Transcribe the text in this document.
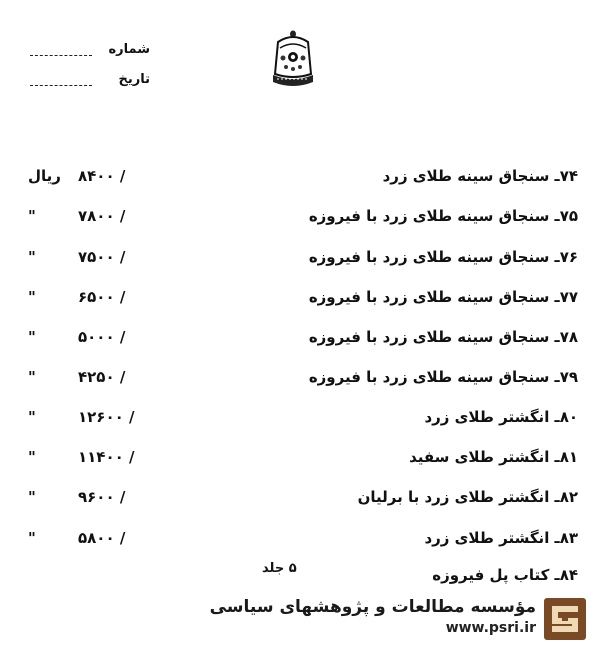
شماره
تاریخ
۷۴ـ سنجاق سینه طلای زرد
/ ۸۴۰۰
ریال
۷۵ـ سنجاق سینه طلای زرد با فیروزه
/ ۷۸۰۰
"
۷۶ـ سنجاق سینه طلای زرد با فیروزه
/ ۷۵۰۰
"
۷۷ـ سنجاق سینه طلای زرد با فیروزه
/ ۶۵۰۰
"
۷۸ـ سنجاق سینه طلای زرد با فیروزه
/ ۵۰۰۰
"
۷۹ـ سنجاق سینه طلای زرد با فیروزه
/ ۴۲۵۰
"
۸۰ـ انگشتر طلای زرد
/ ۱۲۶۰۰
"
۸۱ـ انگشتر طلای سفید
/ ۱۱۴۰۰
"
۸۲ـ انگشتر طلای زرد با برلیان
/ ۹۶۰۰
"
۸۳ـ انگشتر طلای زرد
/ ۵۸۰۰
"
۸۴ـ کتاب پل فیروزه
۵ جلد
مؤسسه مطالعات و پژوهشهای سیاسی
www.psri.ir
